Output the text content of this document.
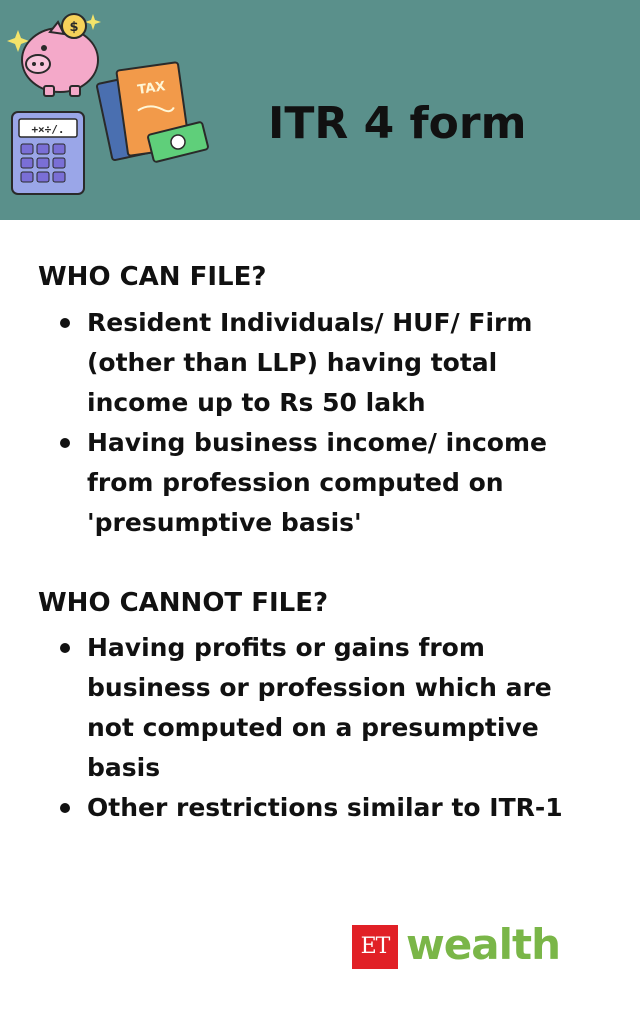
$
+×÷/.
TAX
ITR 4 form
WHO CAN FILE?
Resident Individuals/ HUF/ Firm (other than LLP) having total income up to Rs 50 lakh
Having business income/ income from profession computed on 'presumptive basis'
WHO CANNOT FILE?
Having profits or gains from business or profession which are not computed on a presumptive basis
Other restrictions similar to ITR-1
ET wealth
